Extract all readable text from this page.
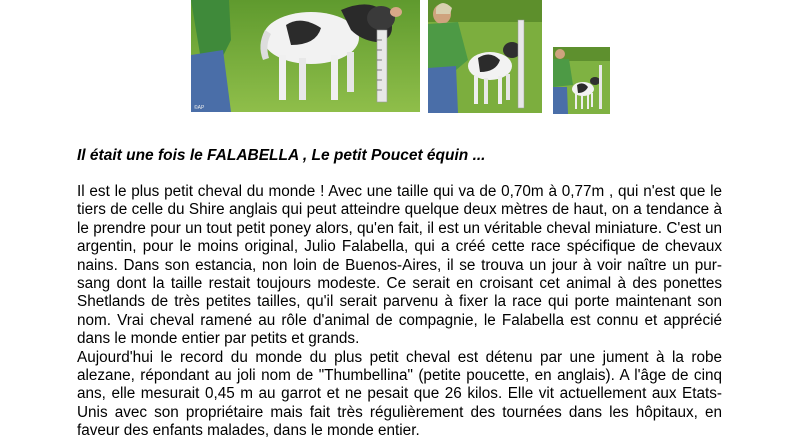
©AP
Il était une fois le FALABELLA , Le petit Poucet équin ...

Il est le plus petit cheval du monde ! Avec une taille qui va de 0,70m à 0,77m , qui n'est que le tiers de celle du Shire anglais qui peut atteindre quelque deux mètres de haut, on a tendance à le prendre pour un tout petit poney alors, qu'en fait, il est un véritable cheval miniature. C'est un argentin, pour le moins original, Julio Falabella, qui a créé cette race spécifique de chevaux nains. Dans son estancia, non loin de Buenos-Aires, il se trouva un jour à voir naître un pur-sang dont la taille restait toujours modeste. Ce serait en croisant cet animal à des ponettes Shetlands de très petites tailles, qu'il serait parvenu à fixer la race qui porte maintenant son nom. Vrai cheval ramené au rôle d'animal de compagnie, le Falabella est connu et apprécié dans le monde entier par petits et grands.

Aujourd'hui le record du monde du plus petit cheval est détenu par une jument à la robe alezane, répondant au joli nom de "Thumbellina" (petite poucette, en anglais). A l'âge de cinq ans, elle mesurait 0,45 m au garrot et ne pesait que 26 kilos. Elle vit actuellement aux Etats-Unis avec son propriétaire mais fait très régulièrement des tournées dans les hôpitaux, en faveur des enfants malades, dans le monde entier.
